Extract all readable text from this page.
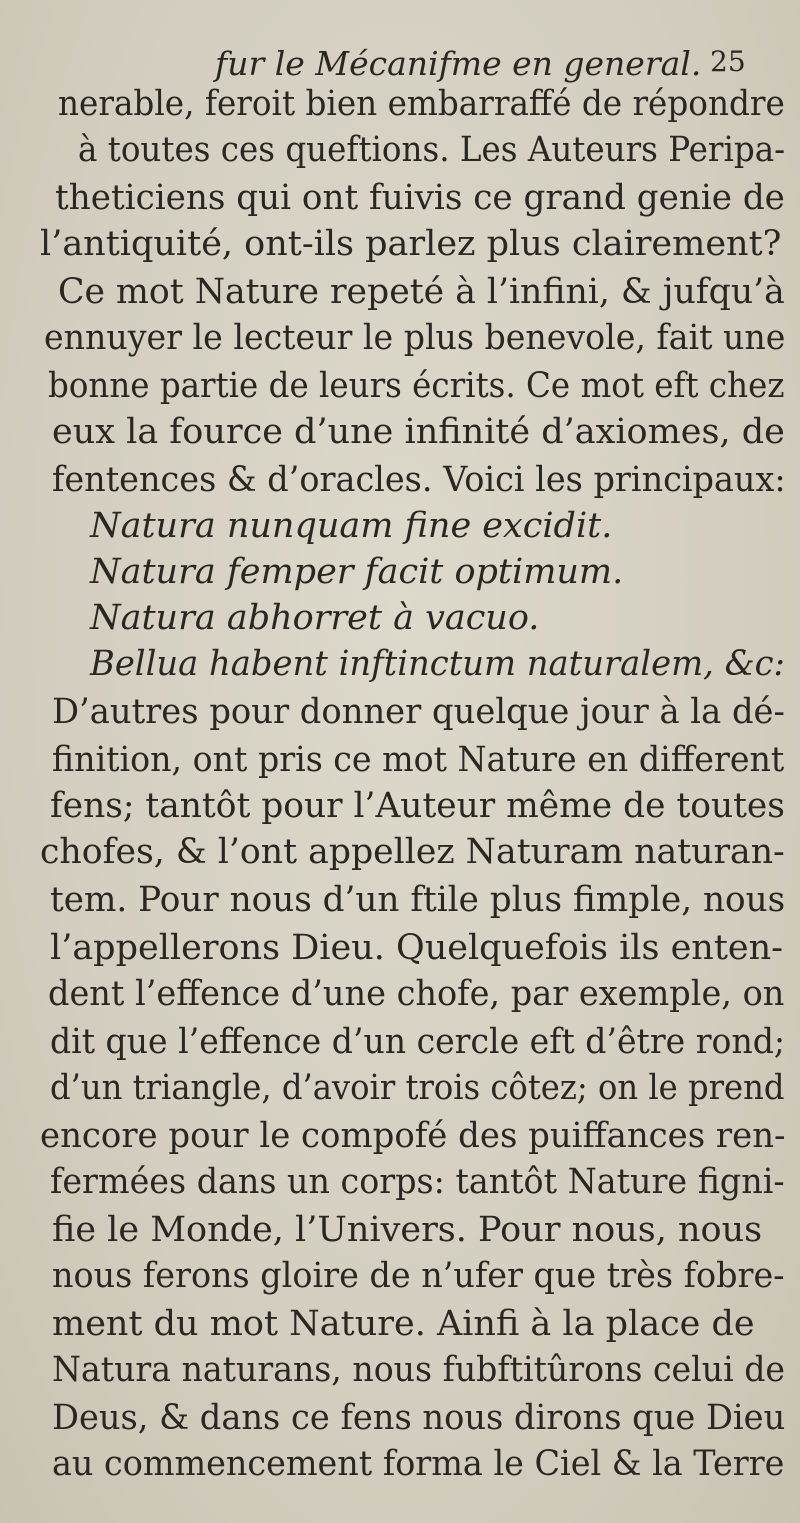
fur le Mécanifme en general. 25
nerable, feroit bien embarraffé de répondre
à toutes ces queftions. Les Auteurs Peripa-
theticiens qui ont fuivis ce grand genie de
l’antiquité, ont-ils parlez plus clairement?
Ce mot Nature repeté à l’infini, & jufqu’à
ennuyer le lecteur le plus benevole, fait une
bonne partie de leurs écrits. Ce mot eft chez
eux la fource d’une infinité d’axiomes, de
fentences & d’oracles. Voici les principaux:
Natura nunquam fine excidit.
Natura femper facit optimum.
Natura abhorret à vacuo.
Bellua habent inftinctum naturalem, &c:
D’autres pour donner quelque jour à la dé-
finition, ont pris ce mot Nature en different
fens; tantôt pour l’Auteur même de toutes
chofes, & l’ont appellez Naturam naturan-
tem. Pour nous d’un ftile plus fimple, nous
l’appellerons Dieu. Quelquefois ils enten-
dent l’effence d’une chofe, par exemple, on
dit que l’effence d’un cercle eft d’être rond;
d’un triangle, d’avoir trois côtez; on le prend
encore pour le compofé des puiffances ren-
fermées dans un corps: tantôt Nature figni-
fie le Monde, l’Univers. Pour nous, nous
nous ferons gloire de n’ufer que très fobre-
ment du mot Nature. Ainfi à la place de
Natura naturans, nous fubftitûrons celui de
Deus, & dans ce fens nous dirons que Dieu
au commencement forma le Ciel & la Terre
